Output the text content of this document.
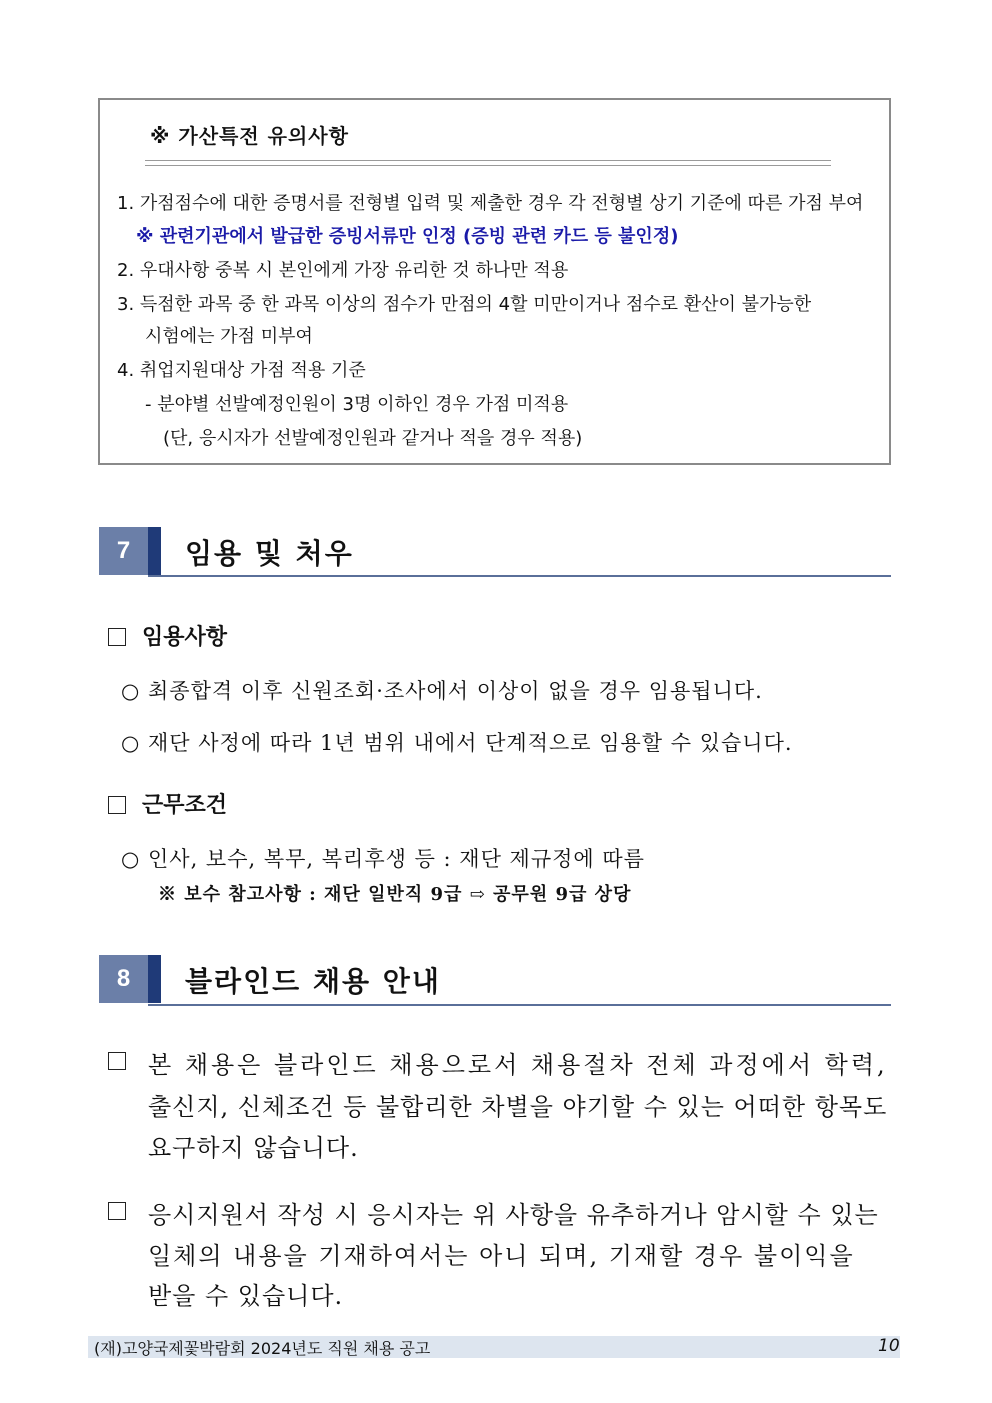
※ 가산특전 유의사항
1. 가점점수에 대한 증명서를 전형별 입력 및 제출한 경우 각 전형별 상기 기준에 따른 가점 부여
※ 관련기관에서 발급한 증빙서류만 인정 (증빙 관련 카드 등 불인정)
2. 우대사항 중복 시 본인에게 가장 유리한 것 하나만 적용
3. 득점한 과목 중 한 과목 이상의 점수가 만점의 4할 미만이거나 점수로 환산이 불가능한
시험에는 가점 미부여
4. 취업지원대상 가점 적용 기준
- 분야별 선발예정인원이 3명 이하인 경우 가점 미적용
(단, 응시자가 선발예정인원과 같거나 적을 경우 적용)
7	임용 및 처우
임용사항
○ 최종합격 이후 신원조회·조사에서 이상이 없을 경우 임용됩니다.
○ 재단 사정에 따라 1년 범위 내에서 단계적으로 임용할 수 있습니다.
근무조건
○ 인사, 보수, 복무, 복리후생 등 : 재단 제규정에 따름
※ 보수 참고사항 : 재단 일반직 9급 ⇨ 공무원 9급 상당
8	블라인드 채용 안내
본 채용은 블라인드 채용으로서 채용절차 전체 과정에서 학력,
출신지, 신체조건 등 불합리한 차별을 야기할 수 있는 어떠한 항목도
요구하지 않습니다.
응시지원서 작성 시 응시자는 위 사항을 유추하거나 암시할 수 있는
일체의 내용을 기재하여서는 아니 되며, 기재할 경우 불이익을
받을 수 있습니다.
(재)고양국제꽃박람회 2024년도 직원 채용 공고	10
